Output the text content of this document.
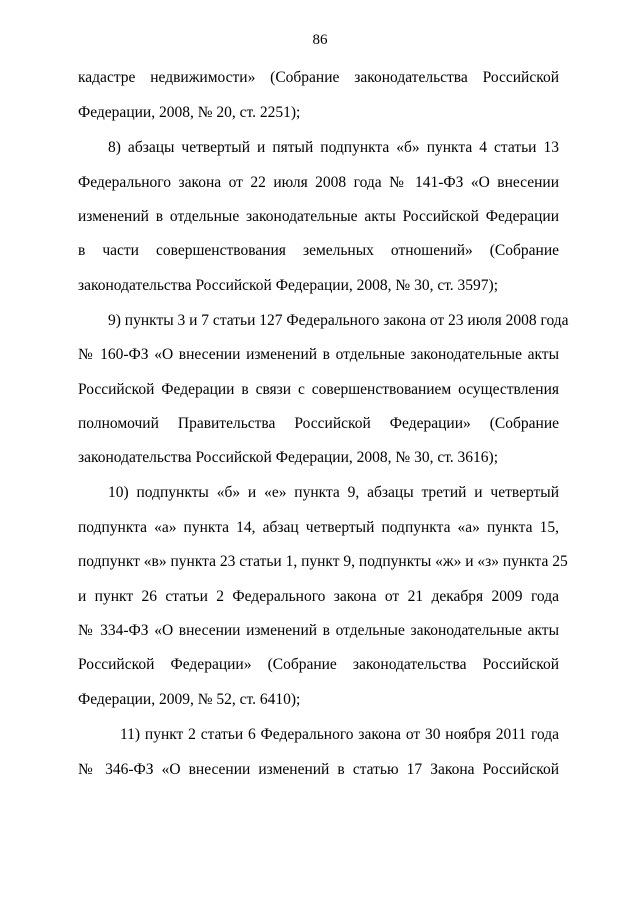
86
кадастре недвижимости» (Собрание законодательства Российской
Федерации, 2008, № 20, ст. 2251);
8) абзацы четвертый и пятый подпункта «б» пункта 4 статьи 13
Федерального закона от 22 июля 2008 года № 141-ФЗ «О внесении
изменений в отдельные законодательные акты Российской Федерации
в части совершенствования земельных отношений» (Собрание
законодательства Российской Федерации, 2008, № 30, ст. 3597);
9) пункты 3 и 7 статьи 127 Федерального закона от 23 июля 2008 года
№ 160-ФЗ «О внесении изменений в отдельные законодательные акты
Российской Федерации в связи с совершенствованием осуществления
полномочий Правительства Российской Федерации» (Собрание
законодательства Российской Федерации, 2008, № 30, ст. 3616);
10) подпункты «б» и «е» пункта 9, абзацы третий и четвертый
подпункта «а» пункта 14, абзац четвертый подпункта «а» пункта 15,
подпункт «в» пункта 23 статьи 1, пункт 9, подпункты «ж» и «з» пункта 25
и пункт 26 статьи 2 Федерального закона от 21 декабря 2009 года
№ 334-ФЗ «О внесении изменений в отдельные законодательные акты
Российской Федерации» (Собрание законодательства Российской
Федерации, 2009, № 52, ст. 6410);
11) пункт 2 статьи 6 Федерального закона от 30 ноября 2011 года
№ 346-ФЗ «О внесении изменений в статью 17 Закона Российской
